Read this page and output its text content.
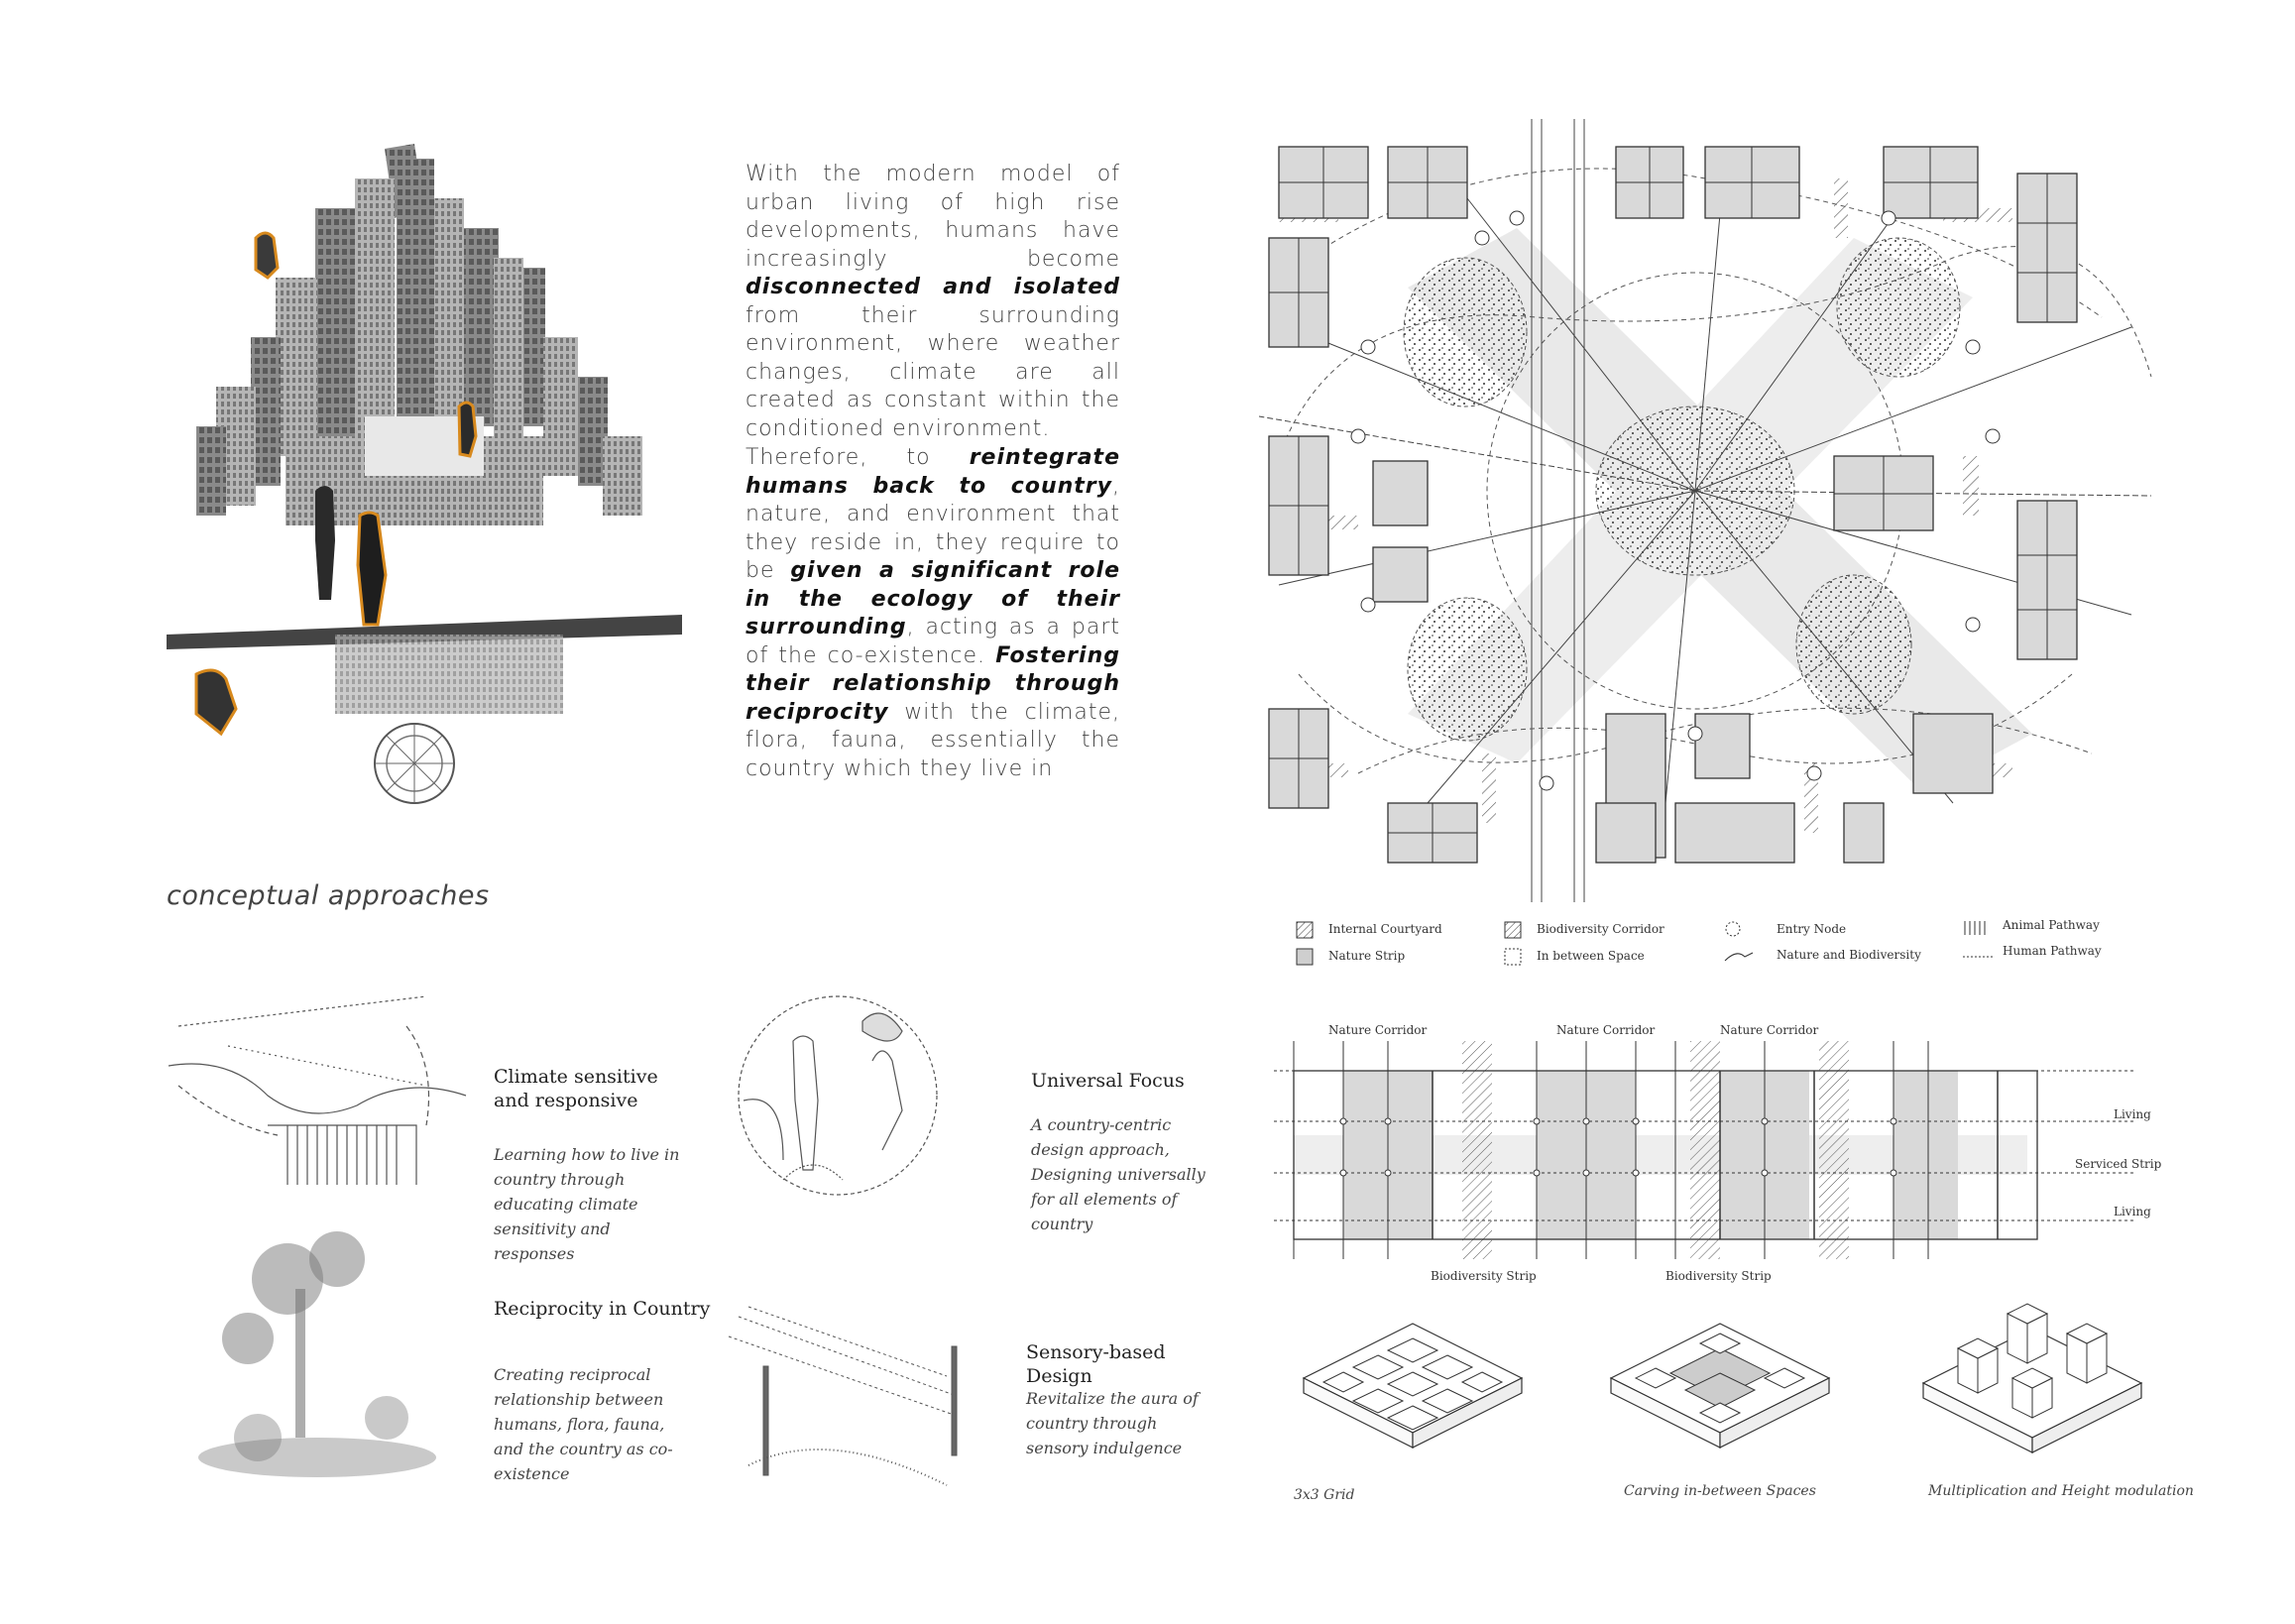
With the modern model of urban living of high rise developments, humans have increasingly become disconnected and isolated from their surrounding environment, where weather changes, climate are all created as constant within the conditioned environment.
Therefore, to reintegrate humans back to country, nature, and environment that they reside in, they require to be given a significant role in the ecology of their surrounding, acting as a part of the co-existence. Fostering their relationship through reciprocity with the climate, flora, fauna, essentially the country which they live in
conceptual approaches
Climate sensitive and responsive
Learning how to live in country through educating climate sensitivity and responses
Universal Focus
A country-centric design approach, Designing universally for all elements of country
Reciprocity in Country
Creating reciprocal relationship between humans, flora, fauna, and the country as co-existence
Sensory-based Design
Revitalize the aura of country through sensory indulgence
Internal Courtyard
Nature Strip
Biodiversity Corridor
In between Space
Entry Node
Nature and Biodiversity
Animal Pathway
Human Pathway
Nature Corridor	Nature Corridor	Nature Corridor
Living
Serviced Strip
Living
Biodiversity Strip	Biodiversity Strip
3x3 Grid	Carving in-between Spaces	Multiplication and Height modulation
